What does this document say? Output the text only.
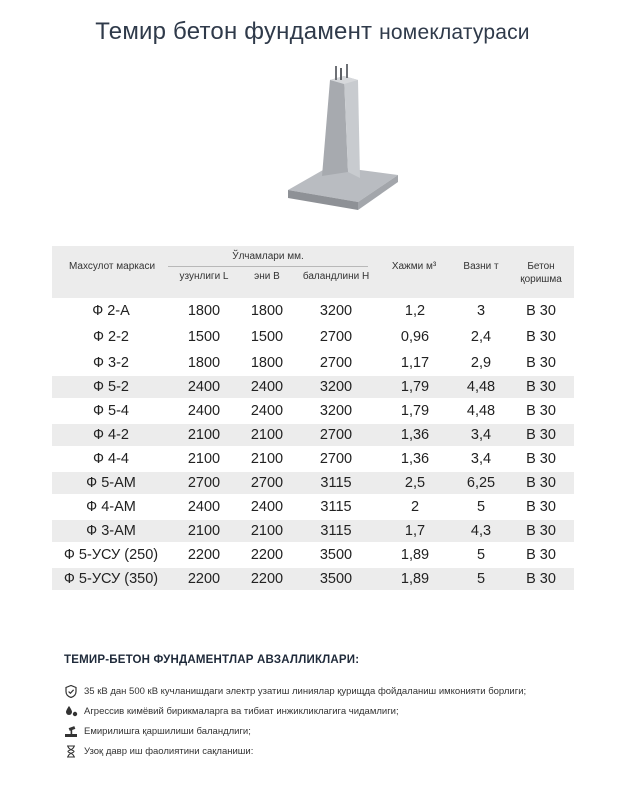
Темир бетон фундамент номеклатураси
Махсулот маркаси
Ўлчамлари мм.
узунлиги L	эни B	баландлини H
Хажми м³	Вазни т	Бетон қоришма
Ф 2-А	1800	1800	3200	1,2	3	B 30
Ф 2-2	1500	1500	2700	0,96	2,4	B 30
Ф 3-2	1800	1800	2700	1,17	2,9	B 30
Ф 5-2	2400	2400	3200	1,79	4,48	B 30
Ф 5-4	2400	2400	3200	1,79	4,48	B 30
Ф 4-2	2100	2100	2700	1,36	3,4	B 30
Ф 4-4	2100	2100	2700	1,36	3,4	B 30
Ф 5-АМ	2700	2700	3115	2,5	6,25	B 30
Ф 4-АМ	2400	2400	3115	2	5	B 30
Ф 3-АМ	2100	2100	3115	1,7	4,3	B 30
Ф 5-УСУ (250)	2200	2200	3500	1,89	5	B 30
Ф 5-УСУ (350)	2200	2200	3500	1,89	5	B 30
ТЕМИР-БЕТОН ФУНДАМЕНТЛАР АВЗАЛЛИКЛАРИ:
35 кВ дан 500 кВ кучланишдаги электр узатиш линиялар қурищда фойдаланиш имконияти борлиги;
Агрессив кимёвий бирикмаларга ва тибиат инжикликлагига чидамлиги;
Емирилишга қаршилиши баландлиги;
Узоқ давр иш фаолиятини сақланиши:
